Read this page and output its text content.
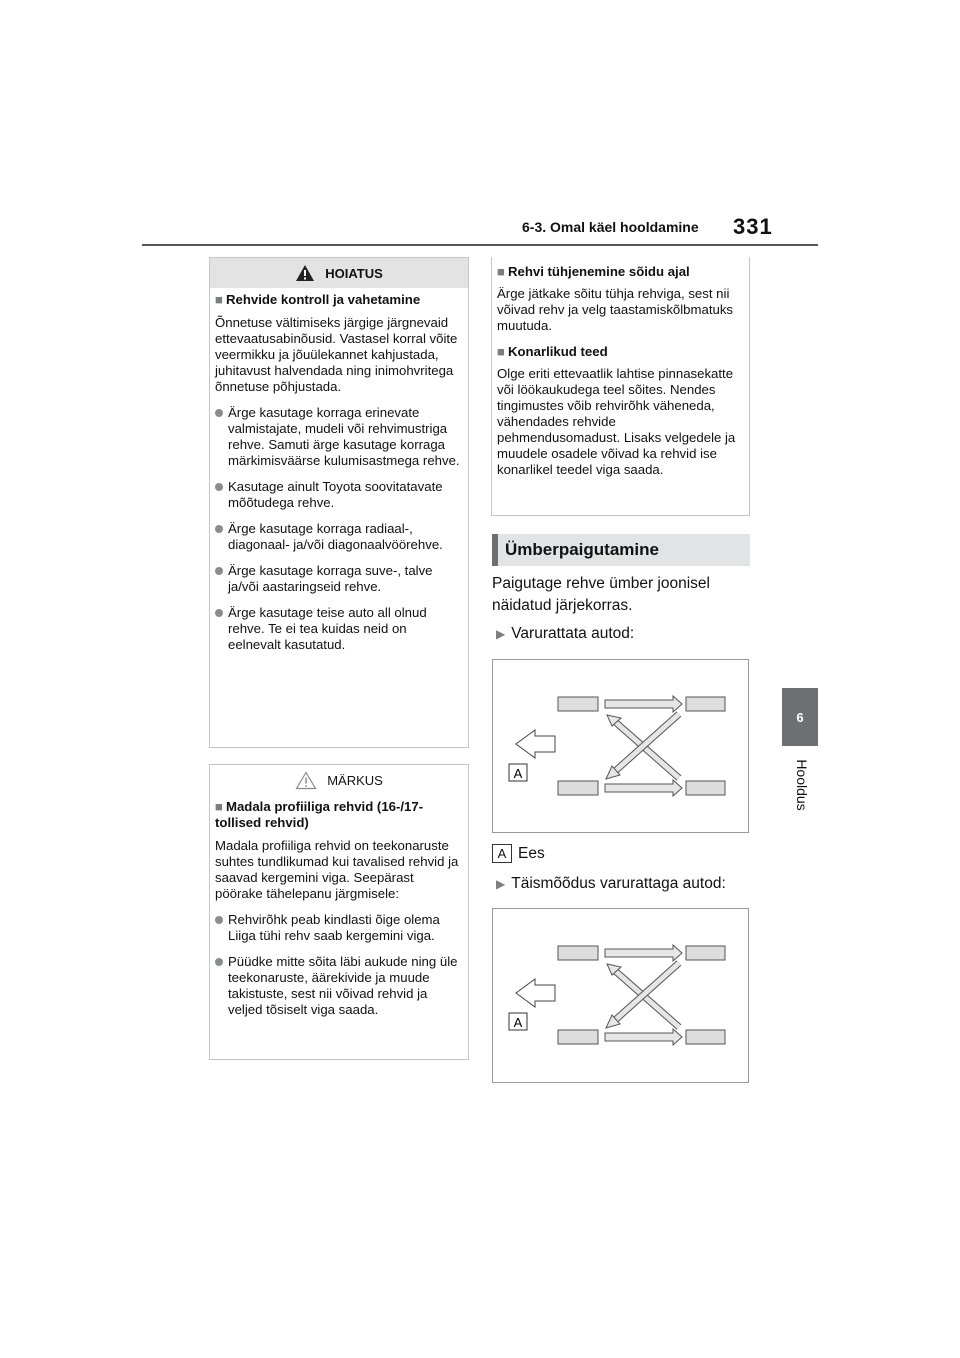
6-3. Omal käel hooldamine 331
6
Hooldus
HOIATUS
■ Rehvide kontroll ja vahetamine
Õnnetuse vältimiseks järgige järgnevaid ettevaatusabinõusid. Vastasel korral võite veermikku ja jõuülekannet kahjustada, juhitavust halvendada ning inimohvritega õnnetuse põhjustada.
Ärge kasutage korraga erinevate valmistajate, mudeli või rehvimustriga rehve. Samuti ärge kasutage korraga märkimisväärse kulumisastmega rehve.
Kasutage ainult Toyota soovitatavate mõõtudega rehve.
Ärge kasutage korraga radiaal-, diagonaal- ja/või diagonaalvöörehve.
Ärge kasutage korraga suve-, talve ja/või aastaringseid rehve.
Ärge kasutage teise auto all olnud rehve. Te ei tea kuidas neid on eelnevalt kasutatud.
MÄRKUS
■ Madala profiiliga rehvid (16-/17-tollised rehvid)
Madala profiiliga rehvid on teekonaruste suhtes tundlikumad kui tavalised rehvid ja saavad kergemini viga. Seepärast pöörake tähelepanu järgmisele:
Rehvirõhk peab kindlasti õige olema Liiga tühi rehv saab kergemini viga.
Püüdke mitte sõita läbi aukude ning üle teekonaruste, äärekivide ja muude takistuste, sest nii võivad rehvid ja veljed tõsiselt viga saada.
■ Rehvi tühjenemine sõidu ajal
Ärge jätkake sõitu tühja rehviga, sest nii võivad rehv ja velg taastamiskõlbmatuks muutuda.
■ Konarlikud teed
Olge eriti ettevaatlik lahtise pinnasekatte või löökaukudega teel sõites. Nendes tingimustes võib rehvirõhk väheneda, vähendades rehvide pehmendusomadust. Lisaks velgedele ja muudele osadele võivad ka rehvid ise konarlikel teedel viga saada.
Ümberpaigutamine
Paigutage rehve ümber joonisel näidatud järjekorras.
▶ Varurattata autod:
A
A Ees
▶ Täismõõdus varurattaga autod:
A
